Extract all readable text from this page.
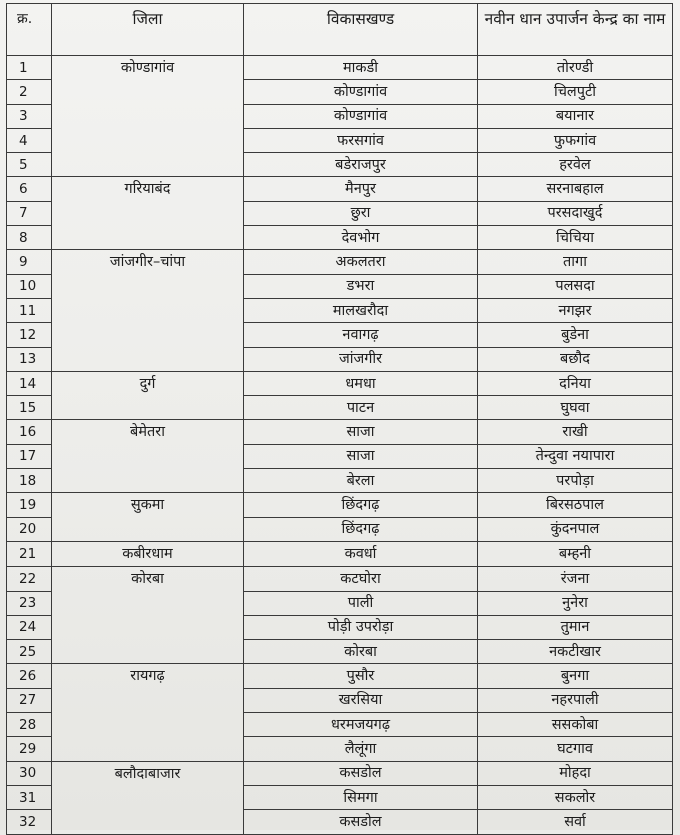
क्र.	जिला	विकासखण्ड	नवीन धान उपार्जन केन्द्र का नाम
1	कोण्डागांव	माकडी	तोरण्डी
2		कोण्डागांव	चिलपुटी
3		कोण्डागांव	बयानार
4		फरसगांव	फुफगांव
5		बडेराजपुर	हरवेल
6	गरियाबंद	मैनपुर	सरनाबहाल
7		छुरा	परसदाखुर्द
8		देवभोग	चिचिया
9	जांजगीर–चांपा	अकलतरा	तागा
10		डभरा	पलसदा
11		मालखरौदा	नगझर
12		नवागढ़	बुडेना
13		जांजगीर	बछौद
14	दुर्ग	धमधा	दनिया
15		पाटन	घुघवा
16	बेमेतरा	साजा	राखी
17		साजा	तेन्दुवा नयापारा
18		बेरला	परपोड़ा
19	सुकमा	छिंदगढ़	बिरसठपाल
20		छिंदगढ़	कुंदनपाल
21	कबीरधाम	कवर्धा	बम्हनी
22	कोरबा	कटघोरा	रंजना
23		पाली	नुनेरा
24		पोड़ी उपरोड़ा	तुमान
25		कोरबा	नकटीखार
26	रायगढ़	पुसौर	बुनगा
27		खरसिया	नहरपाली
28		धरमजयगढ़	ससकोबा
29		लैलूंगा	घटगाव
30	बलौदाबाजार	कसडोल	मोहदा
31		सिमगा	सकलोर
32		कसडोल	सर्वा
